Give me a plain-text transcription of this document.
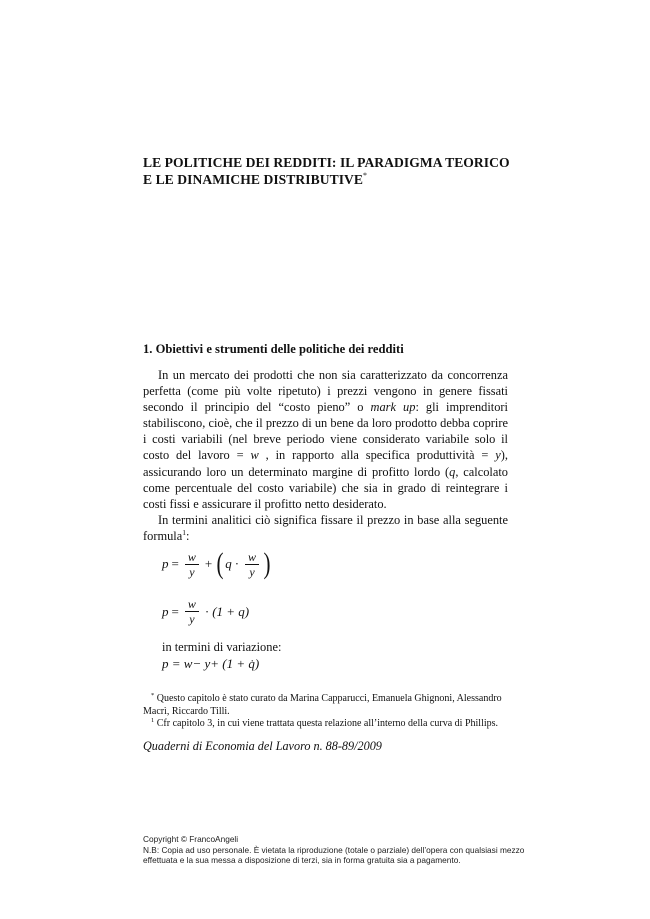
LE POLITICHE DEI REDDITI: IL PARADIGMA TEORICO
E LE DINAMICHE DISTRIBUTIVE*
1. Obiettivi e strumenti delle politiche dei redditi

In un mercato dei prodotti che non sia caratterizzato da concorrenza perfetta (come più volte ripetuto) i prezzi vengono in genere fissati secondo il principio del “costo pieno” o mark up: gli imprenditori stabiliscono, cioè, che il prezzo di un bene da loro prodotto debba coprire i costi variabili (nel breve periodo viene considerato variabile solo il costo del lavoro = w , in rapporto alla specifica produttività = y), assicurando loro un determinato margine di profitto lordo (q, calcolato come percentuale del costo variabile) che sia in grado di reintegrare i costi fissi e assicurare il profitto netto desiderato.

In termini analitici ciò significa fissare il prezzo in base alla seguente formula$^1$:

$p = \frac{w}{y}$ + ( $q \cdot \frac{w}{y}$ )
$p = \frac{w}{y} \cdot (1 + q)$
in termini di variazione:
p
= w− y+
(1 + q̇)

* Questo capitolo è stato curato da Marina Capparucci, Emanuela Ghignoni, Alessandro Macrì, Riccardo Tilli.

$^1$ Cfr capitolo 3, in cui viene trattata questa relazione all’interno della curva di Phillips.

Quaderni di Economia del Lavoro n. 88-89/2009
Copyright © FrancoAngeli
N.B: Copia ad uso personale. È vietata la riproduzione (totale o parziale) dell’opera con qualsiasi mezzo
effettuata e la sua messa a disposizione di terzi, sia in forma gratuita sia a pagamento.
